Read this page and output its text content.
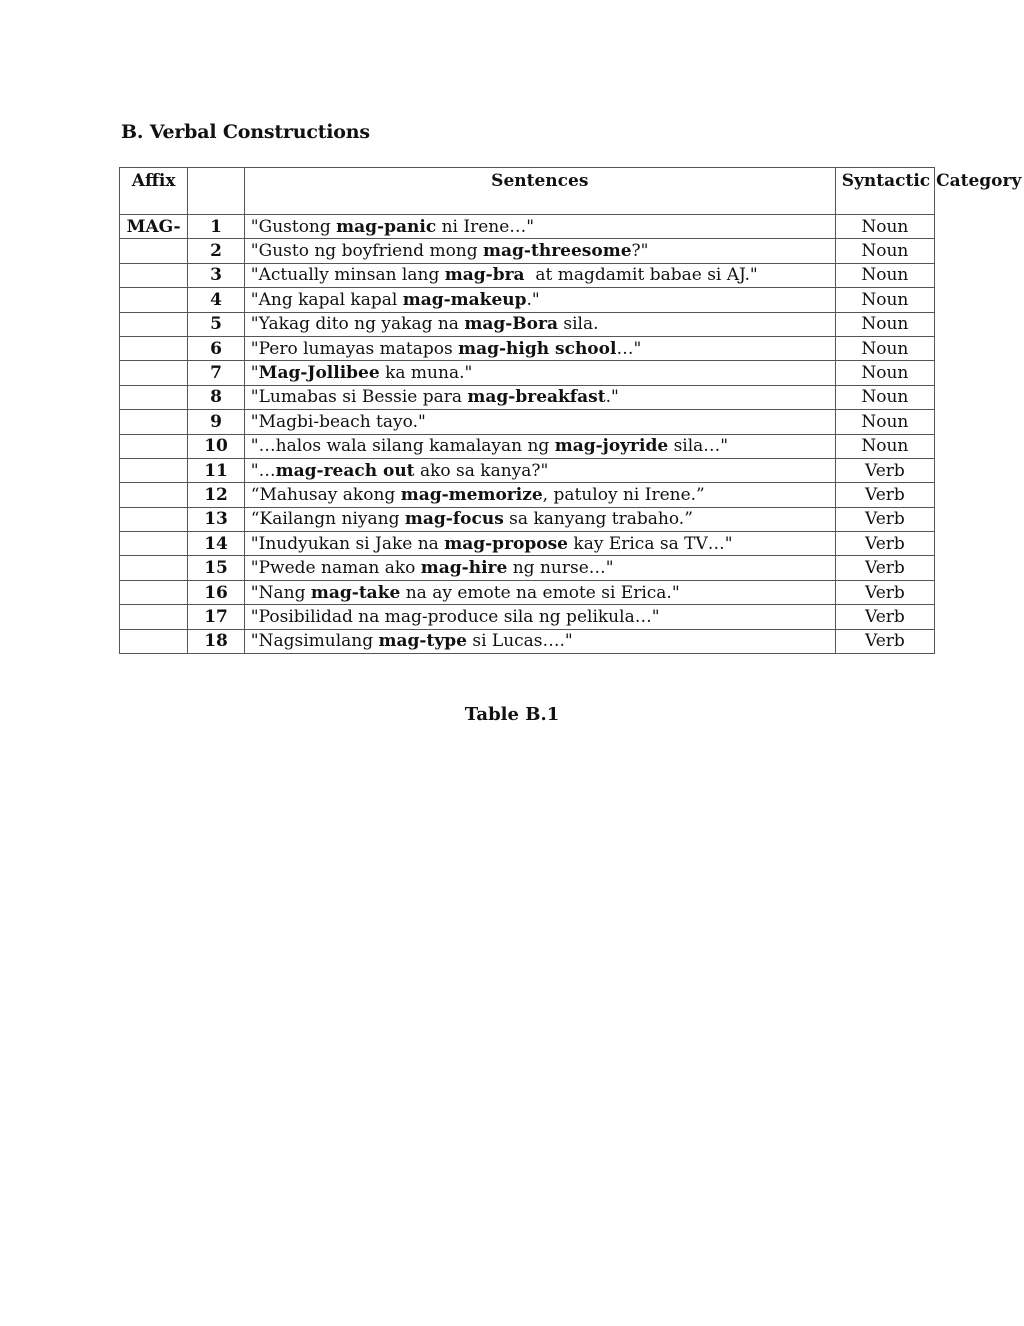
B. Verbal Constructions
Affix		Sentences	Syntactic Category
MAG-	1	"Gustong mag-panic ni Irene…"	Noun
	2	"Gusto ng boyfriend mong mag-threesome?"	Noun
	3	"Actually minsan lang mag-bra  at magdamit babae si AJ."	Noun
	4	"Ang kapal kapal mag-makeup."	Noun
	5	"Yakag dito ng yakag na mag-Bora sila.	Noun
	6	"Pero lumayas matapos mag-high school…"	Noun
	7	"Mag-Jollibee ka muna."	Noun
	8	"Lumabas si Bessie para mag-breakfast."	Noun
	9	"Magbi-beach tayo."	Noun
	10	"…halos wala silang kamalayan ng mag-joyride sila…"	Noun
	11	"…mag-reach out ako sa kanya?"	Verb
	12	“Mahusay akong mag-memorize, patuloy ni Irene.”	Verb
	13	“Kailangn niyang mag-focus sa kanyang trabaho.”	Verb
	14	"Inudyukan si Jake na mag-propose kay Erica sa TV…"	Verb
	15	"Pwede naman ako mag-hire ng nurse…"	Verb
	16	"Nang mag-take na ay emote na emote si Erica."	Verb
	17	"Posibilidad na mag-produce sila ng pelikula…"	Verb
	18	"Nagsimulang mag-type si Lucas…."	Verb

Table B.1
